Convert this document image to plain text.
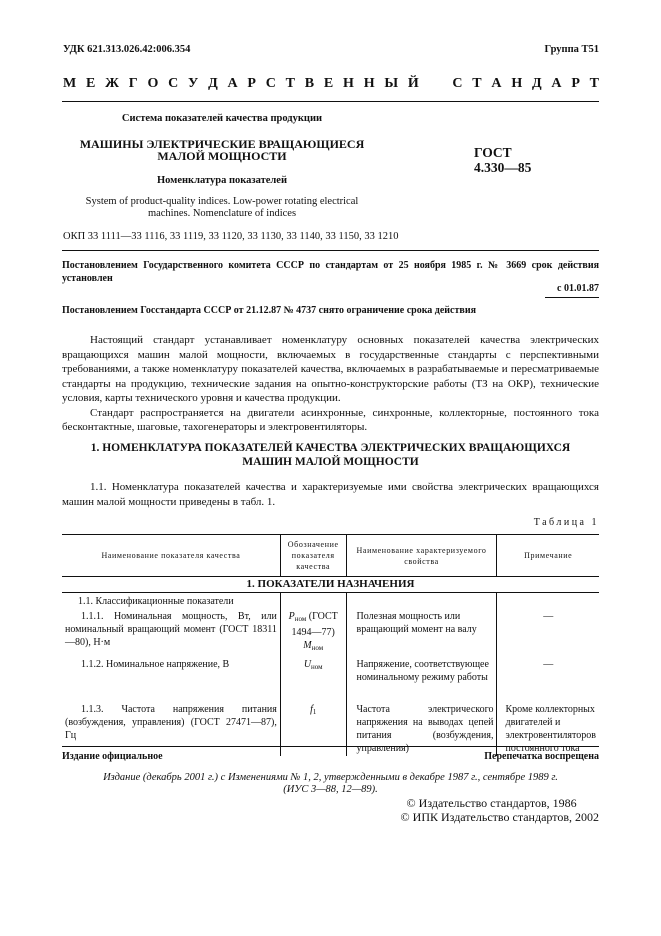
УДК 621.313.026.42:006.354	Группа Т51
М Е Ж Г О С У Д А Р С Т В Е Н Н Ы Й С Т А Н Д А Р Т
Система показателей качества продукции
МАШИНЫ ЭЛЕКТРИЧЕСКИЕ ВРАЩАЮЩИЕСЯ
МАЛОЙ МОЩНОСТИ
Номенклатура показателей
System of product-quality indices. Low-power rotating electrical
machines. Nomenclature of indices
ГОСТ
4.330—85
ОКП 33 1111—33 1116, 33 1119, 33 1120, 33 1130, 33 1140, 33 1150, 33 1210
Постановлением Государственного комитета СССР по стандартам от 25 ноября 1985 г. № 3669 срок действия установлен
с 01.01.87
Постановлением Госстандарта СССР от 21.12.87 № 4737 снято ограничение срока действия

Настоящий стандарт устанавливает номенклатуру основных показателей качества электрических вращающихся машин малой мощности, включаемых в государственные стандарты с перспективными требованиями, а также номенклатуру показателей качества, включаемых в разрабатываемые и пересматриваемые стандарты на продукцию, технические задания на опытно-конструкторские работы (ТЗ на ОКР), технические условия, карты технического уровня и качества продукции.

Стандарт распространяется на двигатели асинхронные, синхронные, коллекторные, постоянного тока бесконтактные, шаговые, тахогенераторы и электровентиляторы.

1. НОМЕНКЛАТУРА ПОКАЗАТЕЛЕЙ КАЧЕСТВА ЭЛЕКТРИЧЕСКИХ ВРАЩАЮЩИХСЯ
МАШИН МАЛОЙ МОЩНОСТИ

1.1. Номенклатура показателей качества и характеризуемые ими свойства электрических вращающихся машин малой мощности приведены в табл. 1.

Таблица 1
Наименование показателя качества	Обозначение показателя качества	Наименование характеризуемого свойства	Примечание
1. ПОКАЗАТЕЛИ НАЗНАЧЕНИЯ			
1.1. Классификационные показатели			
1.1.1. Номинальная мощность, Вт, или номинальный вращающий момент (ГОСТ 18311—80), Н·м	$P_{ном}$ (ГОСТ 1494—77)
$M_{ном}$	Полезная мощность или вращающий момент на валу	—
1.1.2. Номинальное напряжение, В	$U_{ном}$	Напряжение, соответствующее номинальному режиму работы	—
1.1.3. Частота напряжения питания (возбуждения, управления) (ГОСТ 27471—87), Гц	$f_1$	Частота электрического напряжения на выводах цепей питания (возбуждения, управления)	Кроме коллекторных двигателей и электровентиляторов постоянного тока
Издание официальное	Перепечатка воспрещена
Издание (декабрь 2001 г.) с Изменениями № 1, 2, утвержденными в декабре 1987 г., сентябре 1989 г.
(ИУС 3—88, 12—89).
© Издательство стандартов, 1986
© ИПК Издательство стандартов, 2002
